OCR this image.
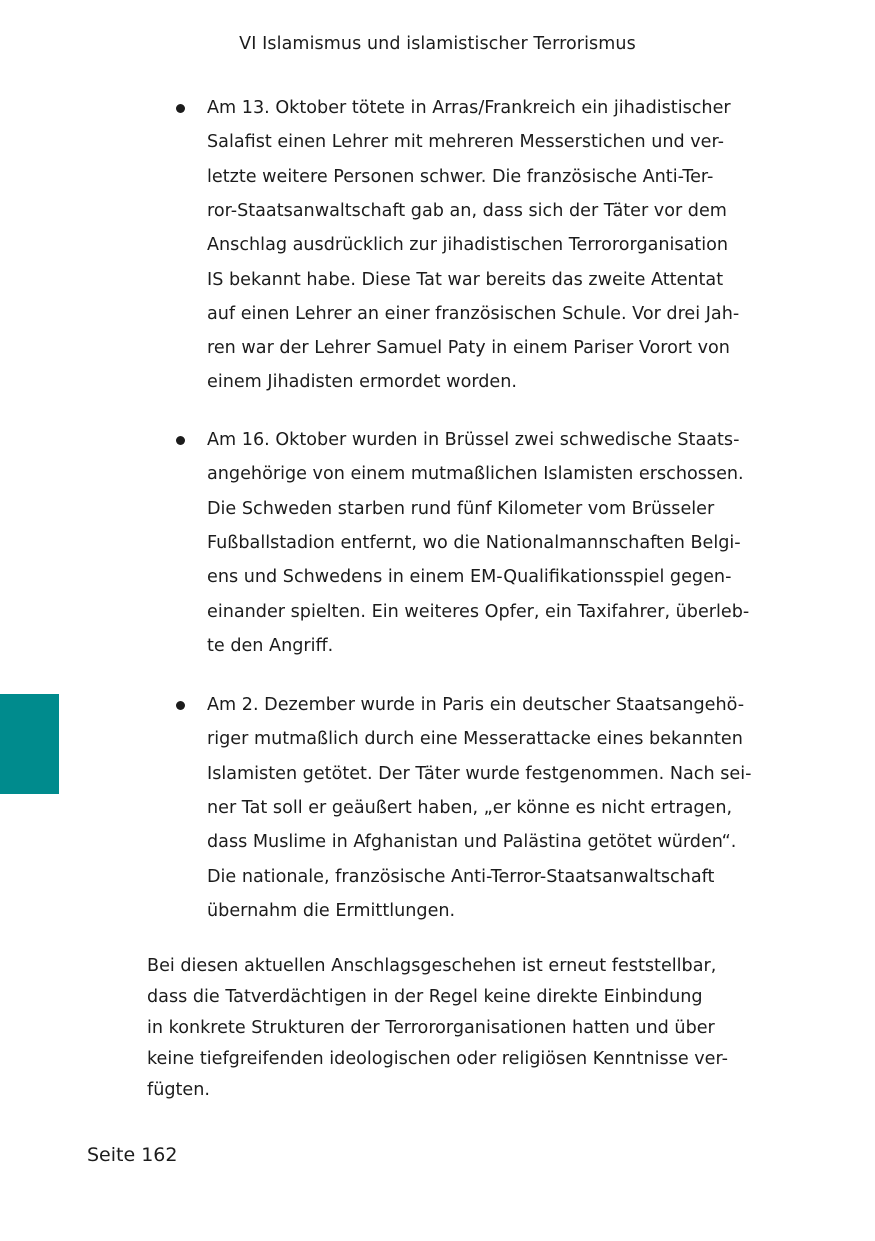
VI Islamismus und islamistischer Terrorismus
Am 13. Oktober tötete in Arras/Frankreich ein jihadistischer
Salafist einen Lehrer mit mehreren Messerstichen und ver-
letzte weitere Personen schwer. Die französische Anti-Ter-
ror-Staatsanwaltschaft gab an, dass sich der Täter vor dem
Anschlag ausdrücklich zur jihadistischen Terrororganisation
IS bekannt habe. Diese Tat war bereits das zweite Attentat
auf einen Lehrer an einer französischen Schule. Vor drei Jah-
ren war der Lehrer Samuel Paty in einem Pariser Vorort von
einem Jihadisten ermordet worden.
Am 16. Oktober wurden in Brüssel zwei schwedische Staats-
angehörige von einem mutmaßlichen Islamisten erschossen.
Die Schweden starben rund fünf Kilometer vom Brüsseler
Fußballstadion entfernt, wo die Nationalmannschaften Belgi-
ens und Schwedens in einem EM-Qualifikationsspiel gegen-
einander spielten. Ein weiteres Opfer, ein Taxifahrer, überleb-
te den Angriff.
Am 2. Dezember wurde in Paris ein deutscher Staatsangehö-
riger mutmaßlich durch eine Messerattacke eines bekannten
Islamisten getötet. Der Täter wurde festgenommen. Nach sei-
ner Tat soll er geäußert haben, „er könne es nicht ertragen,
dass Muslime in Afghanistan und Palästina getötet würden“.
Die nationale, französische Anti-Terror-Staatsanwaltschaft
übernahm die Ermittlungen.
Bei diesen aktuellen Anschlagsgeschehen ist erneut feststellbar,
dass die Tatverdächtigen in der Regel keine direkte Einbindung
in konkrete Strukturen der Terrororganisationen hatten und über
keine tiefgreifenden ideologischen oder religiösen Kenntnisse ver-
fügten.
Seite 162
